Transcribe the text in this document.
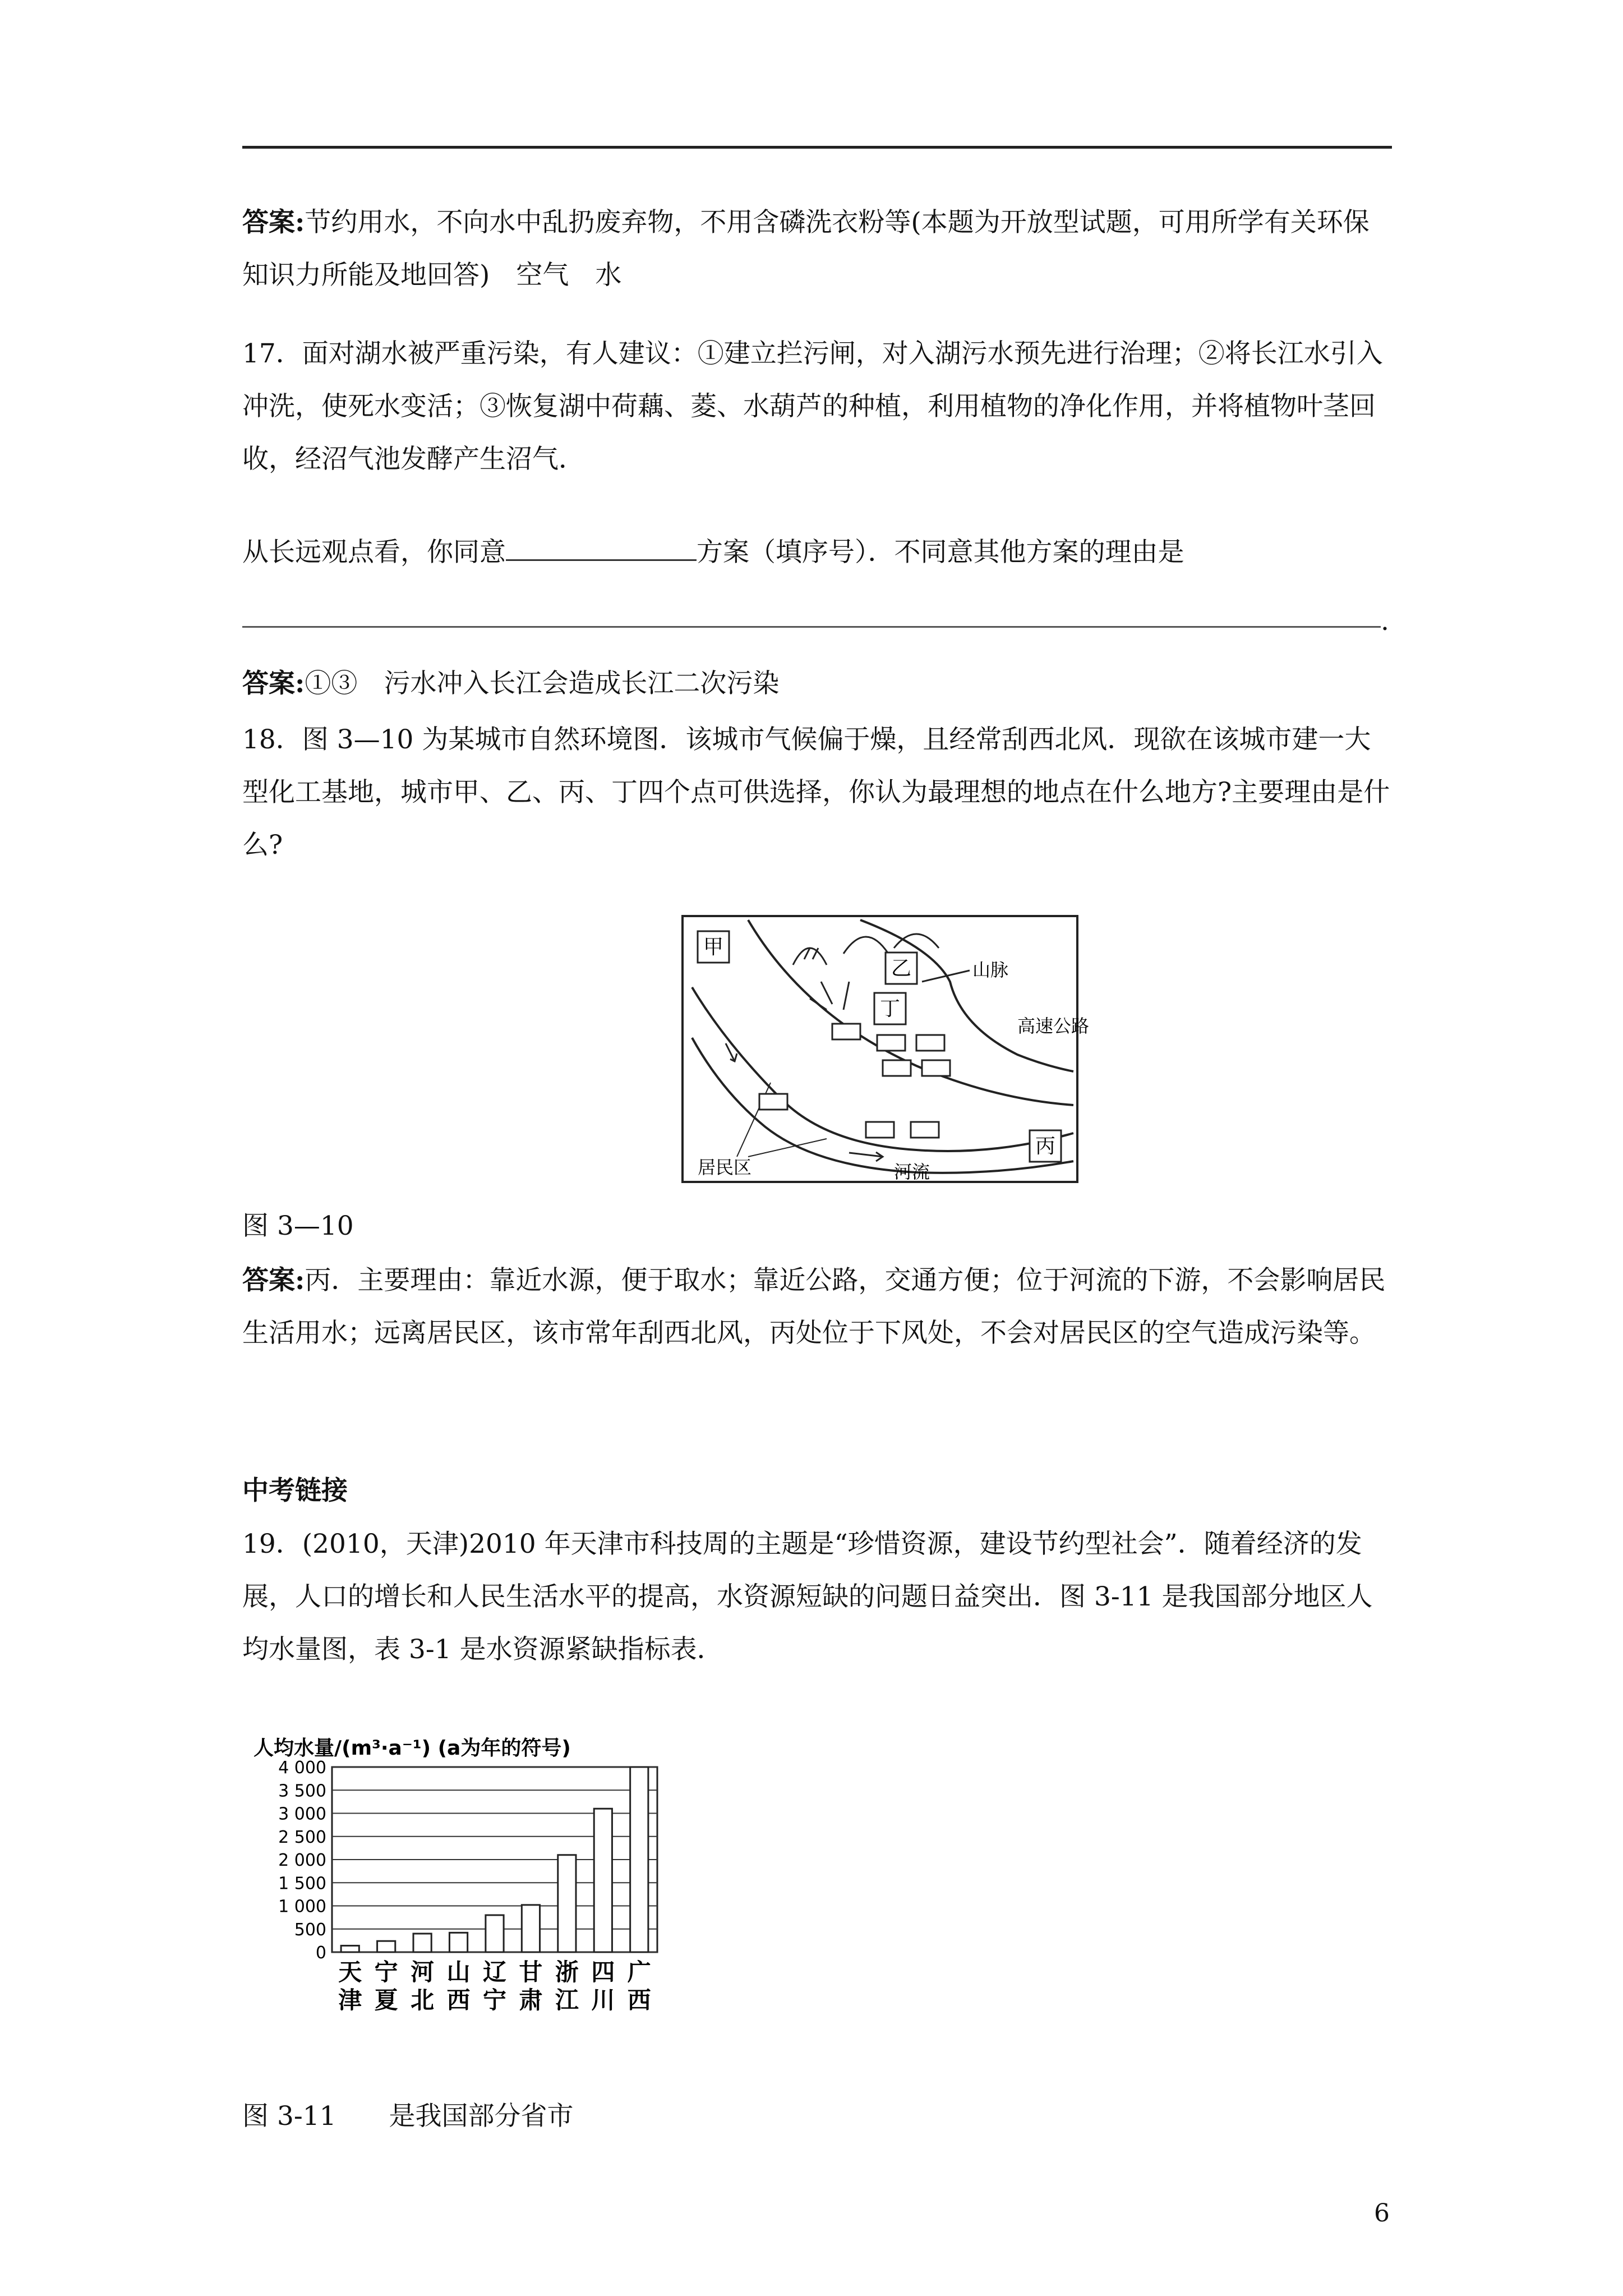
答案:节约用水，不向水中乱扔废弃物，不用含磷洗衣粉等(本题为开放型试题，可用所学有关环保知识力所能及地回答)　空气　水

17．面对湖水被严重污染，有人建议：①建立拦污闸，对入湖污水预先进行治理；②将长江水引入冲洗，使死水变活；③恢复湖中荷藕、菱、水葫芦的种植，利用植物的净化作用，并将植物叶茎回收，经沼气池发酵产生沼气．

从长远观点看，你同意	方案（填序号）．不同意其他方案的理由是

.

答案:①③　污水冲入长江会造成长江二次污染

18．图 3—10 为某城市自然环境图．该城市气候偏于燥，且经常刮西北风．现欲在该城市建一大型化工基地，城市甲、乙、丙、丁四个点可供选择，你认为最理想的地点在什么地方?主要理由是什么?

甲
乙
丁
丙
山脉
高速公路
居民区	河流
图 3—10

答案:丙．主要理由：靠近水源，便于取水；靠近公路，交通方便；位于河流的下游，不会影响居民生活用水；远离居民区，该市常年刮西北风，丙处位于下风处，不会对居民区的空气造成污染等。

中考链接

19．(2010，天津)2010 年天津市科技周的主题是“珍惜资源，建设节约型社会”．随着经济的发展，人口的增长和人民生活水平的提高，水资源短缺的问题日益突出．图 3-11 是我国部分地区人均水量图，表 3-1 是水资源紧缺指标表．

人均水量/(m³·a⁻¹) (a为年的符号)
0
500
1 000
1 500
2 000
2 500
3 000
3 500
4 000
天
津
宁
夏
河
北
山
西
辽
宁
甘
肃
浙
江
四
川
广
西
图 3-11　　是我国部分省市
6
